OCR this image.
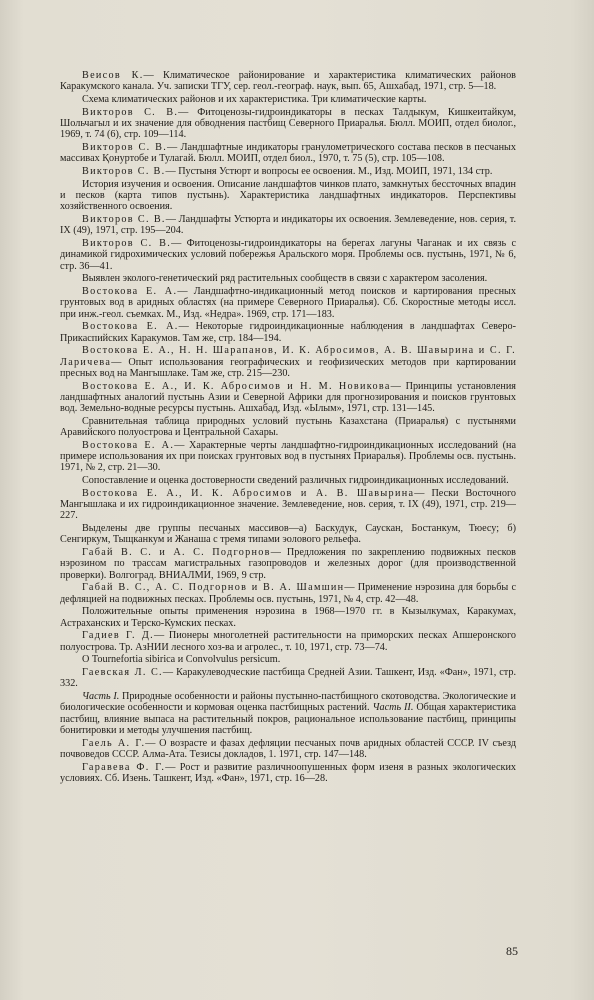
Веисов К.— Климатическое районирование и характеристика климатических районов Каракумского канала. Уч. записки ТГУ, сер. геол.-географ. наук, вып. 65, Ашхабад, 1971, стр. 5—18.

Схема климатических районов и их характеристика. Три климатические карты.

Викторов С. В.— Фитоценозы-гидроиндикаторы в песках Талдыкум, Кишкеитайкум, Шольчагыл и их значение для обводнения пастбищ Северного Приаралья. Бюлл. МОИП, отдел биолог., 1969, т. 74 (6), стр. 109—114.

Викторов С. В.— Ландшафтные индикаторы гранулометрического состава песков в песчаных массивах Қонуртобе и Тулагай. Бюлл. МОИП, отдел биол., 1970, т. 75 (5), стр. 105—108.

Викторов С. В.— Пустыня Устюрт и вопросы ее освоения. М., Изд. МОИП, 1971, 134 стр.

История изучения и освоения. Описание ландшафтов чинков плато, замкнутых бессточных впадин и песков (карта типов пустынь). Характеристика ландшафтных индикаторов. Перспективы хозяйственного освоения.

Викторов С. В.— Ландшафты Устюрта и индикаторы их освоения. Землеведение, нов. серия, т. IX (49), 1971, стр. 195—204.

Викторов С. В.— Фитоценозы-гидроиндикаторы на берегах лагуны Чаганак и их связь с динамикой гидрохимических условий побережья Аральского моря. Проблемы осв. пустынь, 1971, № 6, стр. 36—41.

Выявлен эколого-генетический ряд растительных сообществ в связи с характером засоления.

Востокова Е. А.— Ландшафтно-индикационный метод поисков и картирования пресных грунтовых вод в аридных областях (на примере Северного Приаралья). Сб. Скоростные методы иссл. при инж.-геол. съемках. М., Изд. «Недра». 1969, стр. 171—183.

Востокова Е. А.— Некоторые гидроиндикационные наблюдения в ландшафтах Северо-Прикаспийских Каракумов. Там же, стр. 184—194.

Востокова Е. А., Н. Н. Шарапанов, И. К. Абросимов, А. В. Шавырина и С. Г. Ларичева— Опыт использования географических и геофизических методов при картировании пресных вод на Мангышлаке. Там же, стр. 215—230.

Востокова Е. А., И. К. Абросимов и Н. М. Новикова— Принципы установления ландшафтных аналогий пустынь Азии и Северной Африки для прогнозирования и поисков грунтовых вод. Земельно-водные ресурсы пустынь. Ашхабад, Изд. «Ылым», 1971, стр. 131—145.

Сравнительная таблица природных условий пустынь Казахстана (Приаралья) с пустынями Аравийского полуострова и Центральной Сахары.

Востокова Е. А.— Характерные черты ландшафтно-гидроиндикационных исследований (на примере использования их при поисках грунтовых вод в пустынях Приаралья). Проблемы осв. пустынь. 1971, № 2, стр. 21—30.

Сопоставление и оценка достоверности сведений различных гидроиндикационных исследований.

Востокова Е. А., И. К. Абросимов и А. В. Шавырина— Пески Восточного Мангышлака и их гидроиндикационное значение. Землеведение, нов. серия, т. IX (49), 1971, стр. 219—227.

Выделены две группы песчаных массивов—а) Баскудук, Саускан, Бостанкум, Тюесу; б) Сенгиркум, Тыщканкум и Жанаша с тремя типами эолового рельефа.

Габай В. С. и А. С. Подгорнов— Предложения по закреплению подвижных песков нэрозином по трассам магистральных газопроводов и железных дорог (для производственной проверки). Волгоград. ВНИАЛМИ, 1969, 9 стр.

Габай В. С., А. С. Подгорнов и В. А. Шамшин— Применение нэрозина для борьбы с дефляцией на подвижных песках. Проблемы осв. пустынь, 1971, № 4, стр. 42—48.

Положительные опыты применения нэрозина в 1968—1970 гг. в Кызылкумах, Каракумах, Астраханских и Терско-Кумских песках.

Гадиев Г. Д.— Пионеры многолетней растительности на приморских песках Апшеронского полуострова. Тр. АзНИИ лесного хоз-ва и агролес., т. 10, 1971, стр. 73—74.

О Tournefortia sibirica и Convolvulus persicum.

Гаевская Л. С.— Каракулеводческие пастбища Средней Азии. Ташкент, Изд. «Фан», 1971, стр. 332.

Часть I. Природные особенности и районы пустынно-пастбищного скотоводства. Экологические и биологические особенности и кормовая оценка пастбищных растений. Часть II. Общая характеристика пастбищ, влияние выпаса на растительный покров, рациональное использование пастбищ, принципы бонитировки и методы улучшения пастбищ.

Гаель А. Г.— О возрасте и фазах дефляции песчаных почв аридных областей СССР. IV съезд почвоведов СССР. Алма-Ата. Тезисы докладов, 1. 1971, стр. 147—148.

Гаравева Ф. Г.— Рост и развитие различноопушенных форм изеня в разных экологических условиях. Сб. Изень. Ташкент, Изд. «Фан», 1971, стр. 16—28.

85
